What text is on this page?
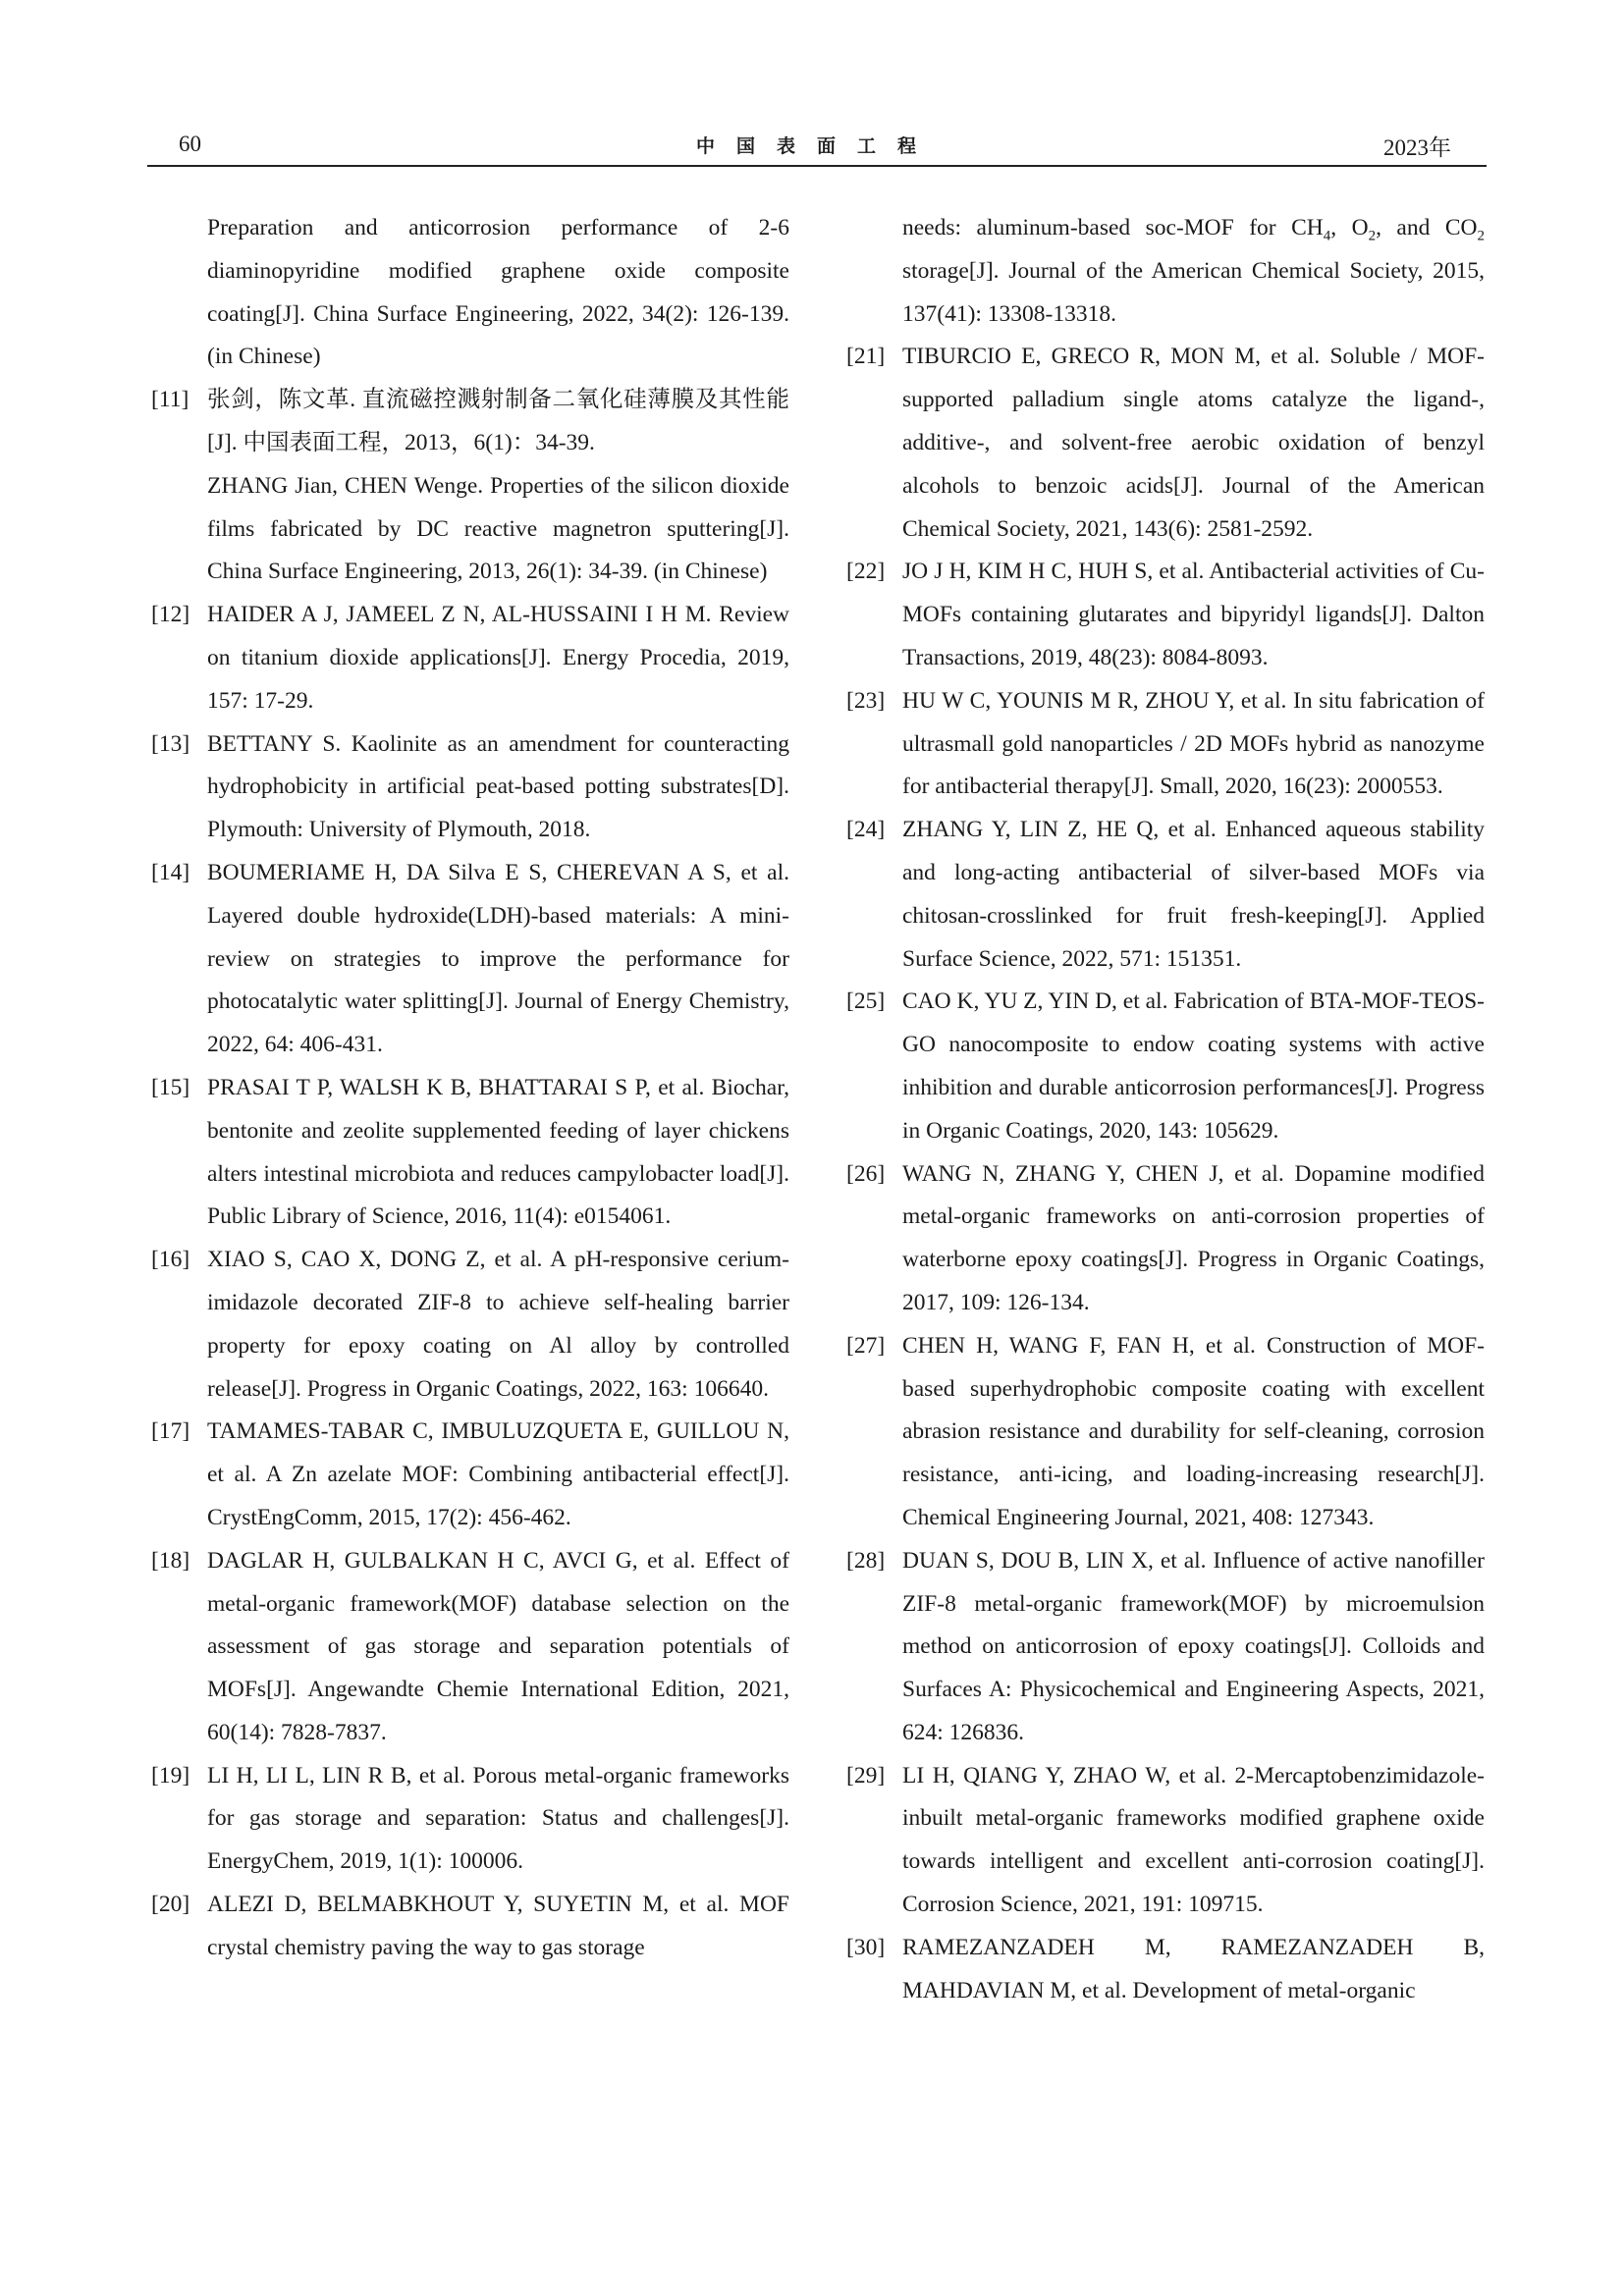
60	中国表面工程	2023年

Preparation and anticorrosion performance of 2-6 diaminopyridine modified graphene oxide composite coating[J]. China Surface Engineering, 2022, 34(2): 126-139. (in Chinese)

[11] 张剑，陈文革. 直流磁控溅射制备二氧化硅薄膜及其性能[J]. 中国表面工程，2013，6(1)：34-39.

ZHANG Jian, CHEN Wenge. Properties of the silicon dioxide films fabricated by DC reactive magnetron sputtering[J]. China Surface Engineering, 2013, 26(1): 34-39. (in Chinese)

[12] HAIDER A J, JAMEEL Z N, AL-HUSSAINI I H M. Review on titanium dioxide applications[J]. Energy Procedia, 2019, 157: 17-29.

[13] BETTANY S. Kaolinite as an amendment for counteracting hydrophobicity in artificial peat-based potting substrates[D]. Plymouth: University of Plymouth, 2018.

[14] BOUMERIAME H, DA Silva E S, CHEREVAN A S, et al. Layered double hydroxide(LDH)-based materials: A mini-review on strategies to improve the performance for photocatalytic water splitting[J]. Journal of Energy Chemistry, 2022, 64: 406-431.

[15] PRASAI T P, WALSH K B, BHATTARAI S P, et al. Biochar, bentonite and zeolite supplemented feeding of layer chickens alters intestinal microbiota and reduces campylobacter load[J]. Public Library of Science, 2016, 11(4): e0154061.

[16] XIAO S, CAO X, DONG Z, et al. A pH-responsive cerium-imidazole decorated ZIF-8 to achieve self-healing barrier property for epoxy coating on Al alloy by controlled release[J]. Progress in Organic Coatings, 2022, 163: 106640.

[17] TAMAMES-TABAR C, IMBULUZQUETA E, GUILLOU N, et al. A Zn azelate MOF: Combining antibacterial effect[J]. CrystEngComm, 2015, 17(2): 456-462.

[18] DAGLAR H, GULBALKAN H C, AVCI G, et al. Effect of metal-organic framework(MOF) database selection on the assessment of gas storage and separation potentials of MOFs[J]. Angewandte Chemie International Edition, 2021, 60(14): 7828-7837.

[19] LI H, LI L, LIN R B, et al. Porous metal-organic frameworks for gas storage and separation: Status and challenges[J]. EnergyChem, 2019, 1(1): 100006.

[20] ALEZI D, BELMABKHOUT Y, SUYETIN M, et al. MOF crystal chemistry paving the way to gas storage

needs: aluminum-based soc-MOF for $CH_4$, $O_2$, and $CO_2$ storage[J]. Journal of the American Chemical Society, 2015, 137(41): 13308-13318.

[21] TIBURCIO E, GRECO R, MON M, et al. Soluble / MOF-supported palladium single atoms catalyze the ligand-, additive-, and solvent-free aerobic oxidation of benzyl alcohols to benzoic acids[J]. Journal of the American Chemical Society, 2021, 143(6): 2581-2592.

[22] JO J H, KIM H C, HUH S, et al. Antibacterial activities of Cu-MOFs containing glutarates and bipyridyl ligands[J]. Dalton Transactions, 2019, 48(23): 8084-8093.

[23] HU W C, YOUNIS M R, ZHOU Y, et al. In situ fabrication of ultrasmall gold nanoparticles / 2D MOFs hybrid as nanozyme for antibacterial therapy[J]. Small, 2020, 16(23): 2000553.

[24] ZHANG Y, LIN Z, HE Q, et al. Enhanced aqueous stability and long-acting antibacterial of silver-based MOFs via chitosan-crosslinked for fruit fresh-keeping[J]. Applied Surface Science, 2022, 571: 151351.

[25] CAO K, YU Z, YIN D, et al. Fabrication of BTA-MOF-TEOS-GO nanocomposite to endow coating systems with active inhibition and durable anticorrosion performances[J]. Progress in Organic Coatings, 2020, 143: 105629.

[26] WANG N, ZHANG Y, CHEN J, et al. Dopamine modified metal-organic frameworks on anti-corrosion properties of waterborne epoxy coatings[J]. Progress in Organic Coatings, 2017, 109: 126-134.

[27] CHEN H, WANG F, FAN H, et al. Construction of MOF-based superhydrophobic composite coating with excellent abrasion resistance and durability for self-cleaning, corrosion resistance, anti-icing, and loading-increasing research[J]. Chemical Engineering Journal, 2021, 408: 127343.

[28] DUAN S, DOU B, LIN X, et al. Influence of active nanofiller ZIF-8 metal-organic framework(MOF) by microemulsion method on anticorrosion of epoxy coatings[J]. Colloids and Surfaces A: Physicochemical and Engineering Aspects, 2021, 624: 126836.

[29] LI H, QIANG Y, ZHAO W, et al. 2-Mercaptobenzimidazole-inbuilt metal-organic frameworks modified graphene oxide towards intelligent and excellent anti-corrosion coating[J]. Corrosion Science, 2021, 191: 109715.

[30] RAMEZANZADEH M, RAMEZANZADEH B, MAHDAVIAN M, et al. Development of metal-organic
